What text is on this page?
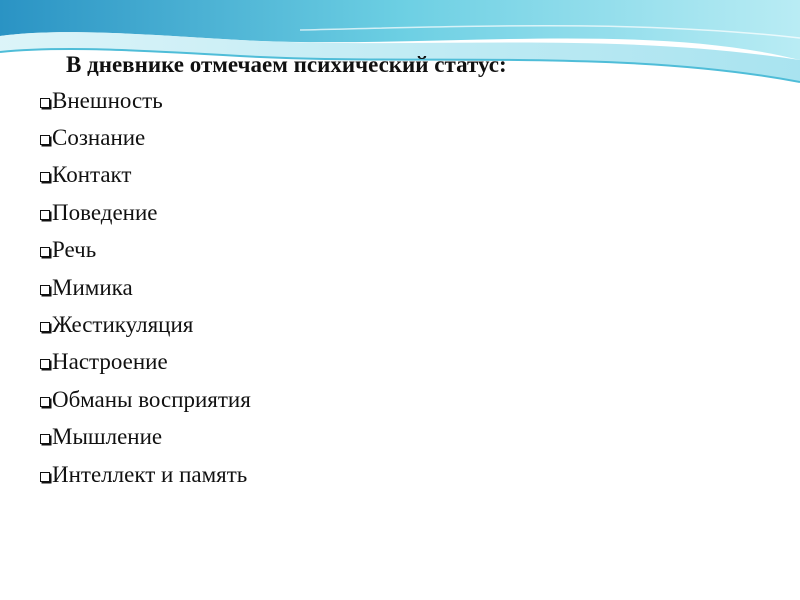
В дневнике отмечаем психический статус:
Внешность
Сознание
Контакт
Поведение
Речь
Мимика
Жестикуляция
Настроение
Обманы восприятия
Мышление
Интеллект и память
